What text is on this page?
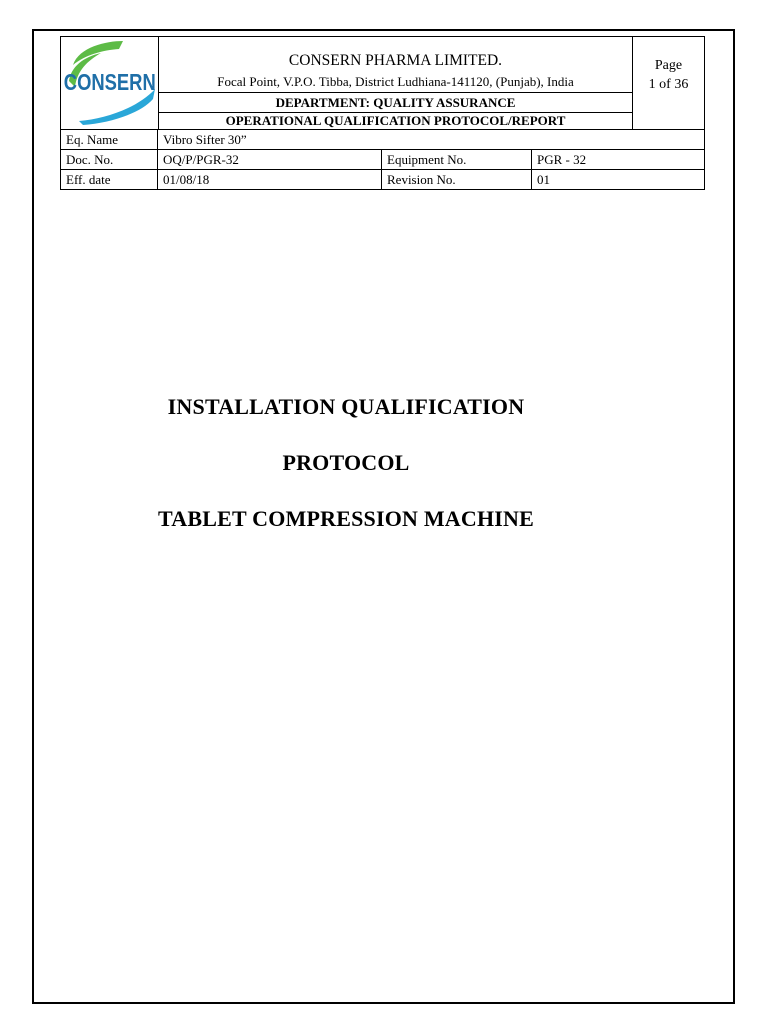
CONSERN
CONSERN PHARMA LIMITED.
Focal Point, V.P.O. Tibba, District Ludhiana-141120, (Punjab), India
DEPARTMENT: QUALITY ASSURANCE
OPERATIONAL QUALIFICATION PROTOCOL/REPORT
Page
1 of 36
Eq. Name	Vibro Sifter 30”		
Doc. No.	OQ/P/PGR-32	Equipment No.	PGR - 32
Eff. date	01/08/18	Revision No.	01
INSTALLATION QUALIFICATION
PROTOCOL
TABLET COMPRESSION MACHINE
